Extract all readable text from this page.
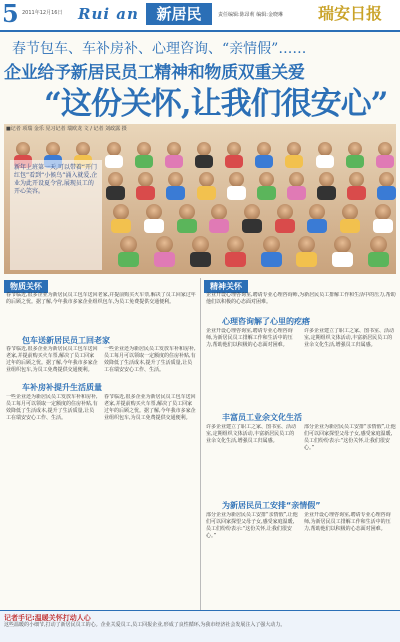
5 2011年12月16日 Rui an	新居民	责任编辑:陈昂莉 编辑:金晓琳 瑞安日报
春节包车、车补房补、心理咨询、“亲情假”……
企业给予新居民员工精神和物质双重关爱
“这份关怀,让我们很安心”
■记者 项瑞 金乐 见习记者 瑞欧龙 文 / 记者 刘政露 摄
新年上班第一天,可以带着“开门红包”看到“小候鸟”涌入就爱,企业为此开设夏令营,展现员工的开心笑容。
物质关怀
春节临近,很多企业为新居民员工包车送回老家,并提前购买火车票,解决了员工回家过年的后顾之忧。据了解,今年我市多家企业组织包车,为员工免费提供交通便利。
包车送新居民员工回老家
春节临近,很多企业为新居民员工包车送回老家,并提前购买火车票,解决了员工回家过年的后顾之忧。据了解,今年我市多家企业组织包车,为员工免费提供交通便利。
一些企业还为新居民员工发放车补和房补,员工每月可以领取一定额度的住房补贴,有效降低了生活成本,提升了生活质量,让员工在瑞安安心工作、生活。
车补房补提升生活质量
一些企业还为新居民员工发放车补和房补,员工每月可以领取一定额度的住房补贴,有效降低了生活成本,提升了生活质量,让员工在瑞安安心工作、生活。
春节临近,很多企业为新居民员工包车送回老家,并提前购买火车票,解决了员工回家过年的后顾之忧。据了解,今年我市多家企业组织包车,为员工免费提供交通便利。
精神关怀
企业开设心理咨询室,聘请专业心理咨询师,为新居民员工排解工作和生活中的压力,帮助他们以积极的心态面对困难。
心理咨询解了心里的疙瘩
企业开设心理咨询室,聘请专业心理咨询师,为新居民员工排解工作和生活中的压力,帮助他们以积极的心态面对困难。
许多企业建立了职工之家、图书室、活动室,定期组织文体活动,丰富新居民员工的业余文化生活,增强员工归属感。
丰富员工业余文化生活
许多企业建立了职工之家、图书室、活动室,定期组织文体活动,丰富新居民员工的业余文化生活,增强员工归属感。
部分企业为新居民员工安排“亲情假”,让他们可以回家探望父母子女,感受家庭温暖,员工们纷纷表示:“这份关怀,让我们很安心。”
为新居民员工安排“亲情假”
部分企业为新居民员工安排“亲情假”,让他们可以回家探望父母子女,感受家庭温暖,员工们纷纷表示:“这份关怀,让我们很安心。”
企业开设心理咨询室,聘请专业心理咨询师,为新居民员工排解工作和生活中的压力,帮助他们以积极的心态面对困难。
记者手记:温暖关怀打动人心
这些温暖的小细节,打动了新居民员工的心。企业关爱员工,员工回报企业,形成了良性循环,为我市经济社会发展注入了强大动力。
